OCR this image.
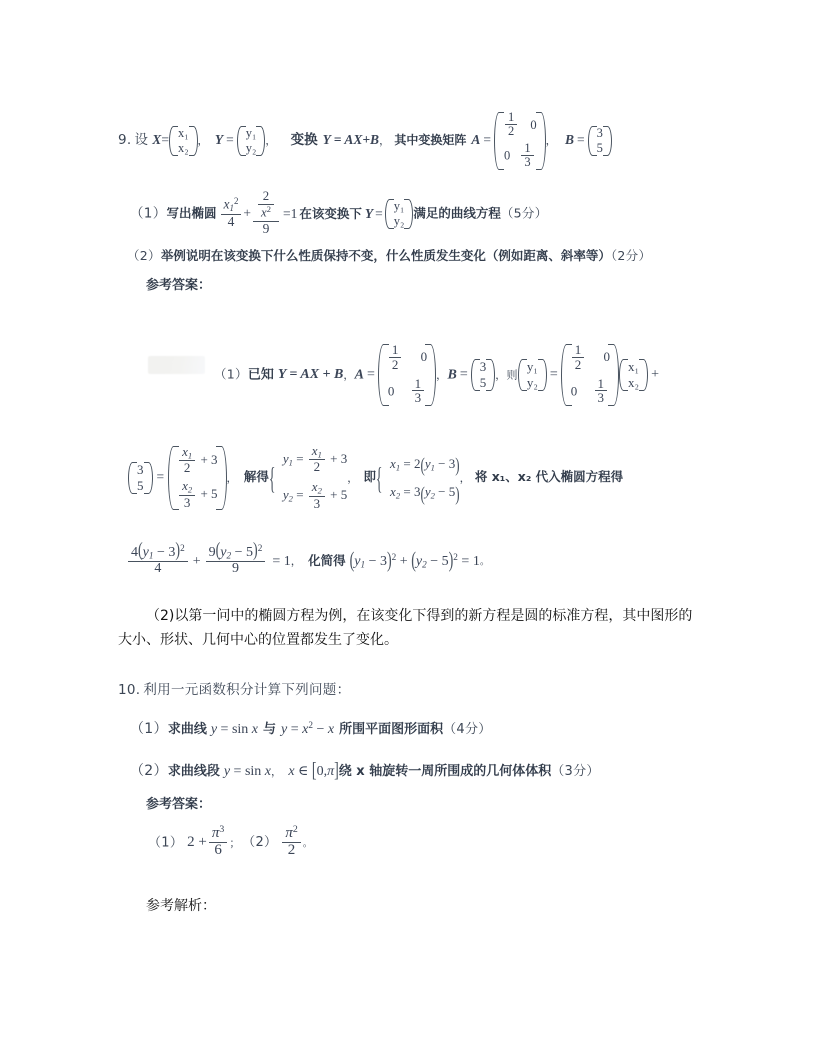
9. 设 X= x₁
x₂
， Y = y₁
y₂
， 变换 Y = AX+B， 其中变换矩阵 A =
$\frac{1}{2} 0$
$0 \frac{1}{3}$
， B = 3
5
（1）写出椭圆 $\frac{x_1^2}{4} + \frac{\frac{2}{x^2}}{9} =1$ 在该变换下 Y = y₁
y₂
满足的曲线方程（5分）
（2）举例说明在该变换下什么性质保持不变，什么性质发生变化（例如距离、斜率等）（2分）
参考答案：
（1）已知 Y = AX + B，A =
$\frac{1}{2} 0$
$0 \frac{1}{3}$
，B =
3
5
，则
y₁
y₂
=
$\frac{1}{2} 0$
$0 \frac{1}{3}$
x₁
x₂
+
3
5
=
$\frac{x_1}{2} + 3$
$\frac{x_2}{3} + 5$
， 解得 {
$y_1 = \frac{x_1}{2} + 3$
$y_2 = \frac{x_2}{3} + 5$
， 即 { $x_1 = 2(y_1 - 3)$
$x_2 = 3(y_2 - 5)$
， 将 x₁、x₂ 代入椭圆方程得
$\frac{4(y_1 - 3)^2}{4} + \frac{9(y_2 - 5)^2}{9} = 1$， 化简得 $(y_1 - 3)^2 + (y_2 - 5)^2 = 1$。
（2)以第一问中的椭圆方程为例，在该变化下得到的新方程是圆的标准方程，其中图形的
大小、形状、几何中心的位置都发生了变化。
10. 利用一元函数积分计算下列问题：
（1）求曲线 y = sin x 与 $y = x^2 - x$ 所围平面图形面积（4分）
（2）求曲线段 y = sin x， x ∈ [0,π]绕 x 轴旋转一周所围成的几何体体积（3分）
参考答案：
（1） $2 + \frac{\pi^3}{6}$ ； $(2) \frac{\pi^2}{2}$ 。
参考解析：
